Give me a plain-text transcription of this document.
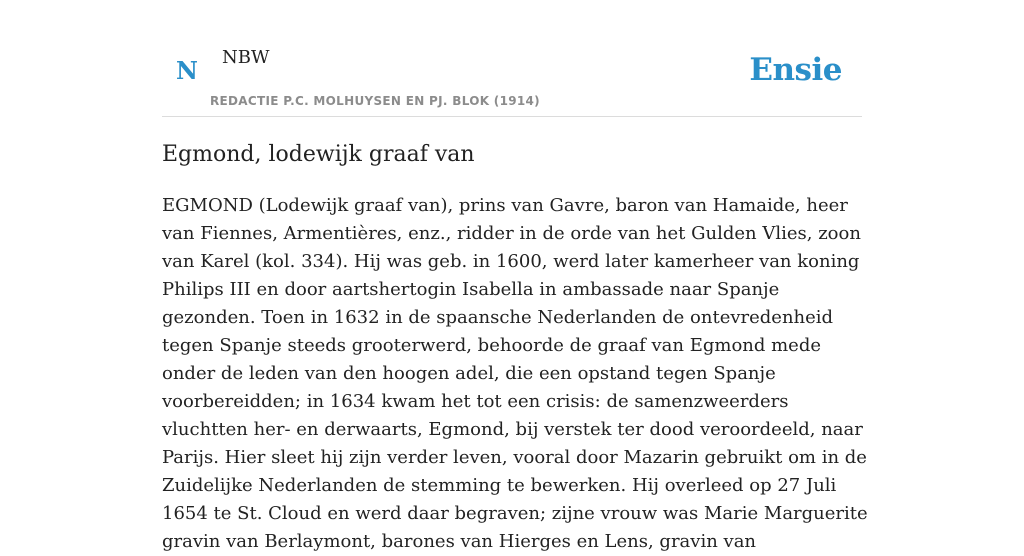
N NBW
REDACTIE P.C. MOLHUYSEN EN PJ. BLOK (1914)
Ensie
Egmond, lodewijk graaf van

EGMOND (Lodewijk graaf van), prins van Gavre, baron van Hamaide, heer van Fiennes, Armentières, enz., ridder in de orde van het Gulden Vlies, zoon van Karel (kol. 334). Hij was geb. in 1600, werd later kamerheer van koning Philips III en door aartshertogin Isabella in ambassade naar Spanje gezonden. Toen in 1632 in de spaansche Nederlanden de ontevredenheid tegen Spanje steeds grooterwerd, behoorde de graaf van Egmond mede onder de leden van den hoogen adel, die een opstand tegen Spanje voorbereidden; in 1634 kwam het tot een crisis: de samenzweerders vluchtten her- en derwaarts, Egmond, bij verstek ter dood veroordeeld, naar Parijs. Hier sleet hij zijn verder leven, vooral door Mazarin gebruikt om in de Zuidelijke Nederlanden de stemming te bewerken. Hij overleed op 27 Juli 1654 te St. Cloud en werd daar begraven; zijne vrouw was Marie Marguerite gravin van Berlaymont, barones van Hierges en Lens, gravin van
